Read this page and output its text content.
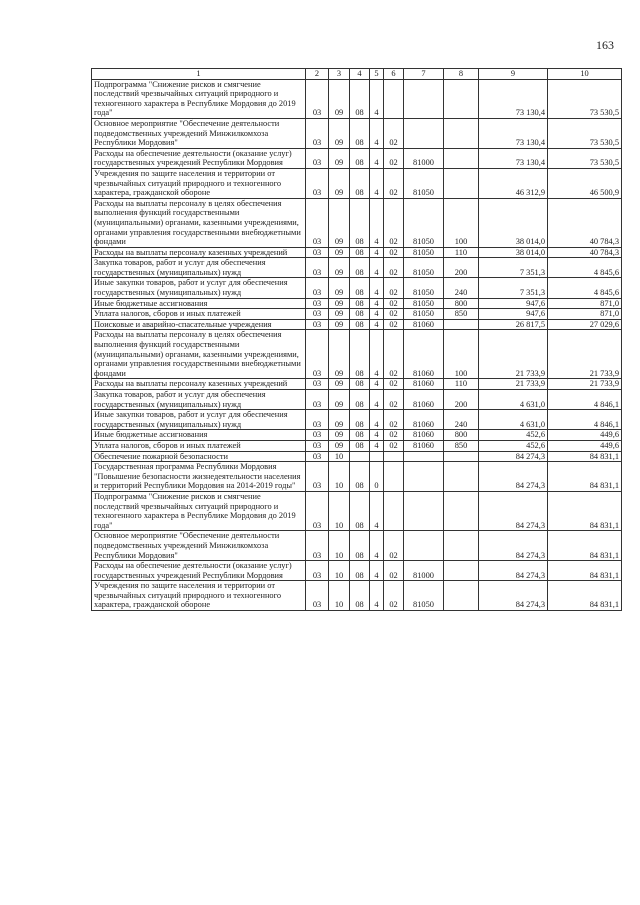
163
1	2	3	4	5	6	7	8	9	10
Подпрограмма "Снижение рисков и смягчение последствий чрезвычайных ситуаций природного и техногенного характера в Республике Мордовия до 2019 года"	03	09	08	4				73 130,4	73 530,5
Основное мероприятие "Обеспечение деятельности подведомственных учреждений Минжилкомхоза Республики Мордовия"	03	09	08	4	02			73 130,4	73 530,5
Расходы на обеспечение деятельности (оказание услуг) государственных учреждений Республики Мордовия	03	09	08	4	02	81000		73 130,4	73 530,5
Учреждения по защите населения и территории от чрезвычайных ситуаций природного и техногенного характера, гражданской обороне	03	09	08	4	02	81050		46 312,9	46 500,9
Расходы на выплаты персоналу в целях обеспечения выполнения функций государственными (муниципальными) органами, казенными учреждениями, органами управления государственными внебюджетными фондами	03	09	08	4	02	81050	100	38 014,0	40 784,3
Расходы на выплаты персоналу казенных учреждений	03	09	08	4	02	81050	110	38 014,0	40 784,3
Закупка товаров, работ и услуг для обеспечения государственных (муниципальных) нужд	03	09	08	4	02	81050	200	7 351,3	4 845,6
Иные закупки товаров, работ и услуг для обеспечения государственных (муниципальных) нужд	03	09	08	4	02	81050	240	7 351,3	4 845,6
Иные бюджетные ассигнования	03	09	08	4	02	81050	800	947,6	871,0
Уплата налогов, сборов и иных платежей	03	09	08	4	02	81050	850	947,6	871,0
Поисковые и аварийно-спасательные учреждения	03	09	08	4	02	81060		26 817,5	27 029,6
Расходы на выплаты персоналу в целях обеспечения выполнения функций государственными (муниципальными) органами, казенными учреждениями, органами управления государственными внебюджетными фондами	03	09	08	4	02	81060	100	21 733,9	21 733,9
Расходы на выплаты персоналу казенных учреждений	03	09	08	4	02	81060	110	21 733,9	21 733,9
Закупка товаров, работ и услуг для обеспечения государственных (муниципальных) нужд	03	09	08	4	02	81060	200	4 631,0	4 846,1
Иные закупки товаров, работ и услуг для обеспечения государственных (муниципальных) нужд	03	09	08	4	02	81060	240	4 631,0	4 846,1
Иные бюджетные ассигнования	03	09	08	4	02	81060	800	452,6	449,6
Уплата налогов, сборов и иных платежей	03	09	08	4	02	81060	850	452,6	449,6
Обеспечение пожарной безопасности	03	10						84 274,3	84 831,1
Государственная программа Республики Мордовия "Повышение безопасности жизнедеятельности населения и территорий Республики Мордовия на 2014-2019 годы"	03	10	08	0				84 274,3	84 831,1
Подпрограмма "Снижение рисков и смягчение последствий чрезвычайных ситуаций природного и техногенного характера в Республике Мордовия до 2019 года"	03	10	08	4				84 274,3	84 831,1
Основное мероприятие "Обеспечение деятельности подведомственных учреждений Минжилкомхоза Республики Мордовия"	03	10	08	4	02			84 274,3	84 831,1
Расходы на обеспечение деятельности (оказание услуг) государственных учреждений Республики Мордовия	03	10	08	4	02	81000		84 274,3	84 831,1
Учреждения по защите населения и территории от чрезвычайных ситуаций природного и техногенного характера, гражданской обороне	03	10	08	4	02	81050		84 274,3	84 831,1
